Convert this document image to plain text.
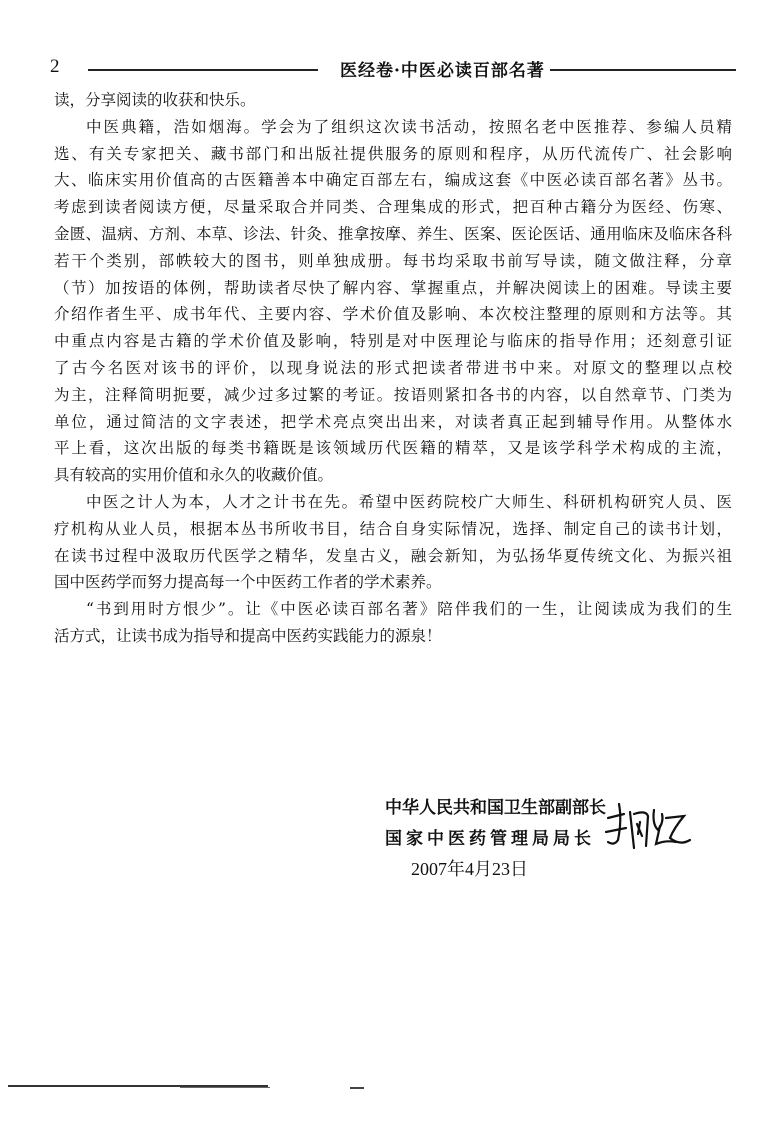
2	医经卷·中医必读百部名著
读，分享阅读的收获和快乐。
中医典籍，浩如烟海。学会为了组织这次读书活动，按照名老中医推荐、参编人员精
选、有关专家把关、藏书部门和出版社提供服务的原则和程序，从历代流传广、社会影响
大、临床实用价值高的古医籍善本中确定百部左右，编成这套《中医必读百部名著》丛书。
考虑到读者阅读方便，尽量采取合并同类、合理集成的形式，把百种古籍分为医经、伤寒、
金匮、温病、方剂、本草、诊法、针灸、推拿按摩、养生、医案、医论医话、通用临床及临床各科
若干个类别，部帙较大的图书，则单独成册。每书均采取书前写导读，随文做注释，分章
（节）加按语的体例，帮助读者尽快了解内容、掌握重点，并解决阅读上的困难。导读主要
介绍作者生平、成书年代、主要内容、学术价值及影响、本次校注整理的原则和方法等。其
中重点内容是古籍的学术价值及影响，特别是对中医理论与临床的指导作用；还刻意引证
了古今名医对该书的评价，以现身说法的形式把读者带进书中来。对原文的整理以点校
为主，注释简明扼要，减少过多过繁的考证。按语则紧扣各书的内容，以自然章节、门类为
单位，通过简洁的文字表述，把学术亮点突出出来，对读者真正起到辅导作用。从整体水
平上看，这次出版的每类书籍既是该领域历代医籍的精萃，又是该学科学术构成的主流，
具有较高的实用价值和永久的收藏价值。
中医之计人为本，人才之计书在先。希望中医药院校广大师生、科研机构研究人员、医
疗机构从业人员，根据本丛书所收书目，结合自身实际情况，选择、制定自己的读书计划，
在读书过程中汲取历代医学之精华，发皇古义，融会新知，为弘扬华夏传统文化、为振兴祖
国中医药学而努力提高每一个中医药工作者的学术素养。
“书到用时方恨少”。让《中医必读百部名著》陪伴我们的一生，让阅读成为我们的生
活方式，让读书成为指导和提高中医药实践能力的源泉！
中华人民共和国卫生部副部长
国家中医药管理局局长
2007年4月23日
